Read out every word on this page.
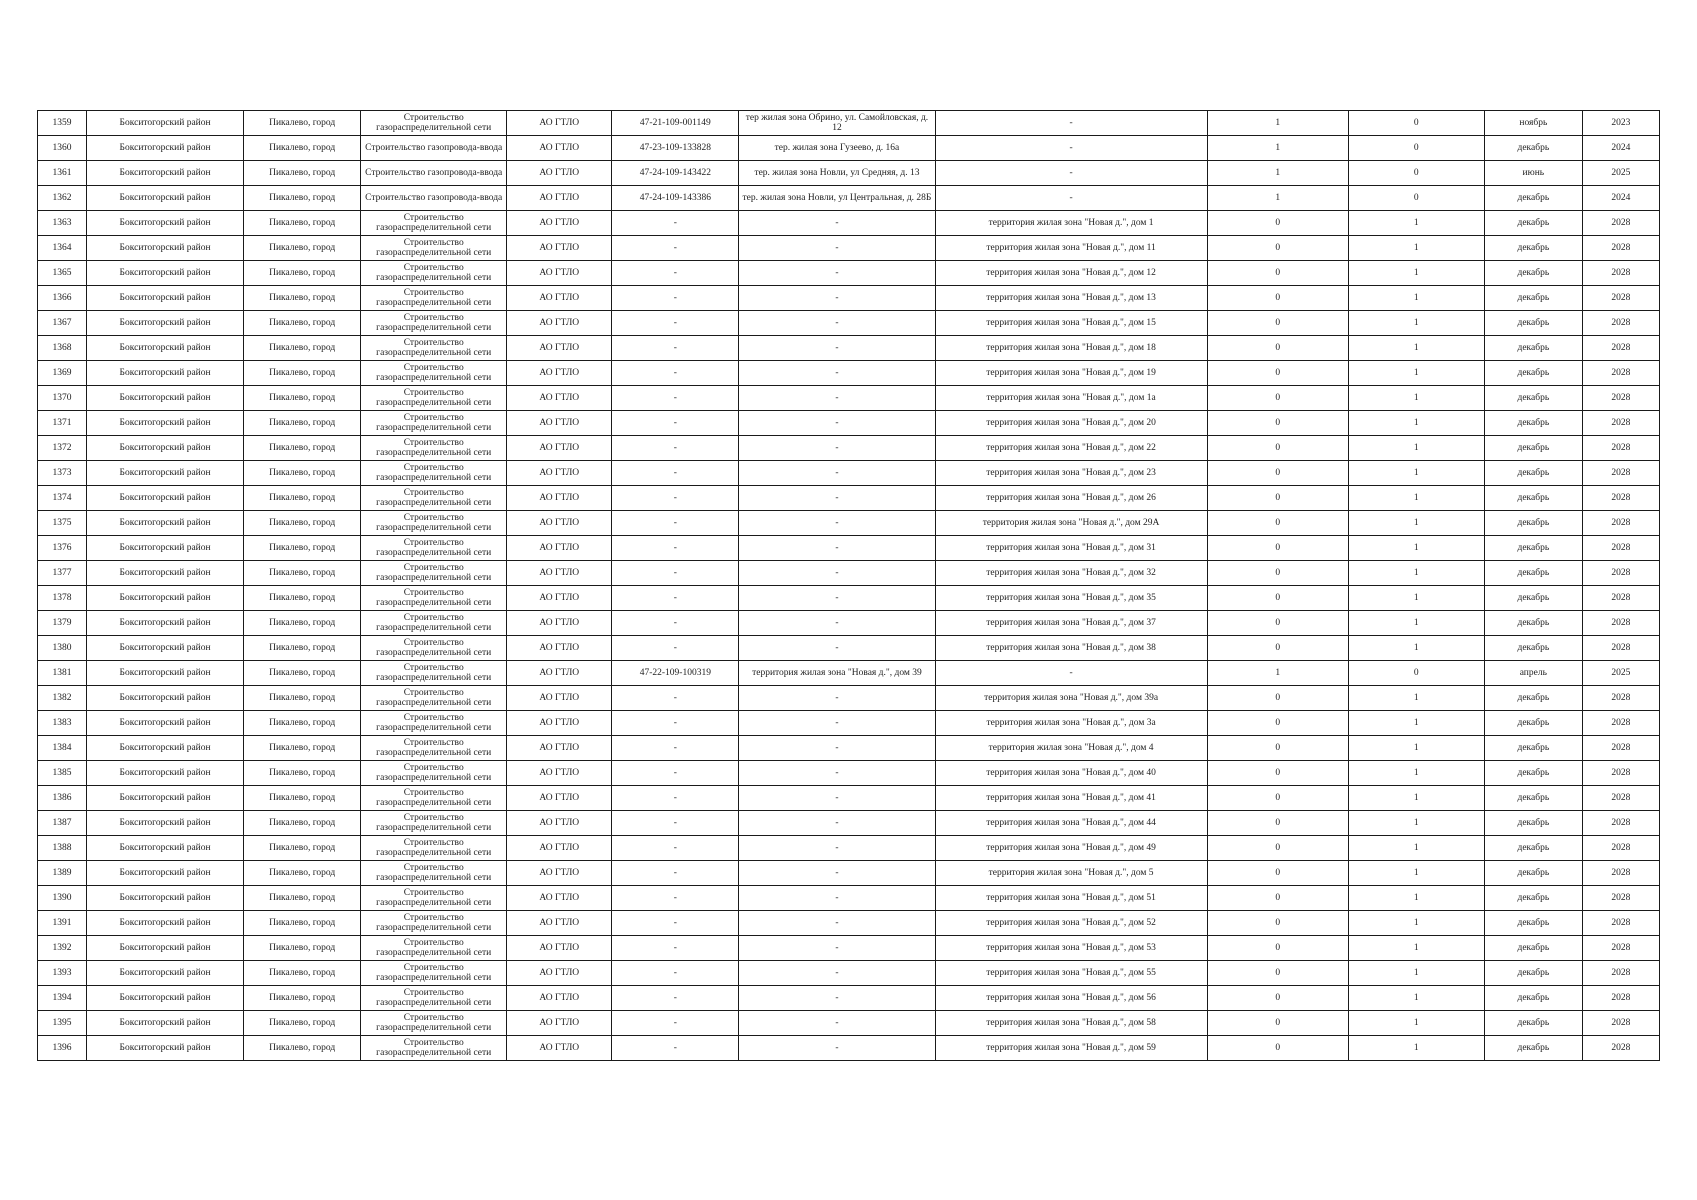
1359	Бокситогорский район	Пикалево, город	Строительство газораспределительной сети	АО ГТЛО	47-21-109-001149	тер жилая зона Обрино, ул. Самойловская, д. 12	-	1	0	ноябрь	2023
1360	Бокситогорский район	Пикалево, город	Строительство газопровода-ввода	АО ГТЛО	47-23-109-133828	тер. жилая зона Гузеево, д. 16а	-	1	0	декабрь	2024
1361	Бокситогорский район	Пикалево, город	Строительство газопровода-ввода	АО ГТЛО	47-24-109-143422	тер. жилая зона Новли, ул Средняя, д. 13	-	1	0	июнь	2025
1362	Бокситогорский район	Пикалево, город	Строительство газопровода-ввода	АО ГТЛО	47-24-109-143386	тер. жилая зона Новли, ул Центральная, д. 28Б	-	1	0	декабрь	2024
1363	Бокситогорский район	Пикалево, город	Строительство газораспределительной сети	АО ГТЛО	-	-	территория жилая зона "Новая д.", дом 1	0	1	декабрь	2028
1364	Бокситогорский район	Пикалево, город	Строительство газораспределительной сети	АО ГТЛО	-	-	территория жилая зона "Новая д.", дом 11	0	1	декабрь	2028
1365	Бокситогорский район	Пикалево, город	Строительство газораспределительной сети	АО ГТЛО	-	-	территория жилая зона "Новая д.", дом 12	0	1	декабрь	2028
1366	Бокситогорский район	Пикалево, город	Строительство газораспределительной сети	АО ГТЛО	-	-	территория жилая зона "Новая д.", дом 13	0	1	декабрь	2028
1367	Бокситогорский район	Пикалево, город	Строительство газораспределительной сети	АО ГТЛО	-	-	территория жилая зона "Новая д.", дом 15	0	1	декабрь	2028
1368	Бокситогорский район	Пикалево, город	Строительство газораспределительной сети	АО ГТЛО	-	-	территория жилая зона "Новая д.", дом 18	0	1	декабрь	2028
1369	Бокситогорский район	Пикалево, город	Строительство газораспределительной сети	АО ГТЛО	-	-	территория жилая зона "Новая д.", дом 19	0	1	декабрь	2028
1370	Бокситогорский район	Пикалево, город	Строительство газораспределительной сети	АО ГТЛО	-	-	территория жилая зона "Новая д.", дом 1а	0	1	декабрь	2028
1371	Бокситогорский район	Пикалево, город	Строительство газораспределительной сети	АО ГТЛО	-	-	территория жилая зона "Новая д.", дом 20	0	1	декабрь	2028
1372	Бокситогорский район	Пикалево, город	Строительство газораспределительной сети	АО ГТЛО	-	-	территория жилая зона "Новая д.", дом 22	0	1	декабрь	2028
1373	Бокситогорский район	Пикалево, город	Строительство газораспределительной сети	АО ГТЛО	-	-	территория жилая зона "Новая д.", дом 23	0	1	декабрь	2028
1374	Бокситогорский район	Пикалево, город	Строительство газораспределительной сети	АО ГТЛО	-	-	территория жилая зона "Новая д.", дом 26	0	1	декабрь	2028
1375	Бокситогорский район	Пикалево, город	Строительство газораспределительной сети	АО ГТЛО	-	-	территория жилая зона "Новая д.", дом 29А	0	1	декабрь	2028
1376	Бокситогорский район	Пикалево, город	Строительство газораспределительной сети	АО ГТЛО	-	-	территория жилая зона "Новая д.", дом 31	0	1	декабрь	2028
1377	Бокситогорский район	Пикалево, город	Строительство газораспределительной сети	АО ГТЛО	-	-	территория жилая зона "Новая д.", дом 32	0	1	декабрь	2028
1378	Бокситогорский район	Пикалево, город	Строительство газораспределительной сети	АО ГТЛО	-	-	территория жилая зона "Новая д.", дом 35	0	1	декабрь	2028
1379	Бокситогорский район	Пикалево, город	Строительство газораспределительной сети	АО ГТЛО	-	-	территория жилая зона "Новая д.", дом 37	0	1	декабрь	2028
1380	Бокситогорский район	Пикалево, город	Строительство газораспределительной сети	АО ГТЛО	-	-	территория жилая зона "Новая д.", дом 38	0	1	декабрь	2028
1381	Бокситогорский район	Пикалево, город	Строительство газораспределительной сети	АО ГТЛО	47-22-109-100319	территория жилая зона "Новая д.", дом 39	-	1	0	апрель	2025
1382	Бокситогорский район	Пикалево, город	Строительство газораспределительной сети	АО ГТЛО	-	-	территория жилая зона "Новая д.", дом 39а	0	1	декабрь	2028
1383	Бокситогорский район	Пикалево, город	Строительство газораспределительной сети	АО ГТЛО	-	-	территория жилая зона "Новая д.", дом 3а	0	1	декабрь	2028
1384	Бокситогорский район	Пикалево, город	Строительство газораспределительной сети	АО ГТЛО	-	-	территория жилая зона "Новая д.", дом 4	0	1	декабрь	2028
1385	Бокситогорский район	Пикалево, город	Строительство газораспределительной сети	АО ГТЛО	-	-	территория жилая зона "Новая д.", дом 40	0	1	декабрь	2028
1386	Бокситогорский район	Пикалево, город	Строительство газораспределительной сети	АО ГТЛО	-	-	территория жилая зона "Новая д.", дом 41	0	1	декабрь	2028
1387	Бокситогорский район	Пикалево, город	Строительство газораспределительной сети	АО ГТЛО	-	-	территория жилая зона "Новая д.", дом 44	0	1	декабрь	2028
1388	Бокситогорский район	Пикалево, город	Строительство газораспределительной сети	АО ГТЛО	-	-	территория жилая зона "Новая д.", дом 49	0	1	декабрь	2028
1389	Бокситогорский район	Пикалево, город	Строительство газораспределительной сети	АО ГТЛО	-	-	территория жилая зона "Новая д.", дом 5	0	1	декабрь	2028
1390	Бокситогорский район	Пикалево, город	Строительство газораспределительной сети	АО ГТЛО	-	-	территория жилая зона "Новая д.", дом 51	0	1	декабрь	2028
1391	Бокситогорский район	Пикалево, город	Строительство газораспределительной сети	АО ГТЛО	-	-	территория жилая зона "Новая д.", дом 52	0	1	декабрь	2028
1392	Бокситогорский район	Пикалево, город	Строительство газораспределительной сети	АО ГТЛО	-	-	территория жилая зона "Новая д.", дом 53	0	1	декабрь	2028
1393	Бокситогорский район	Пикалево, город	Строительство газораспределительной сети	АО ГТЛО	-	-	территория жилая зона "Новая д.", дом 55	0	1	декабрь	2028
1394	Бокситогорский район	Пикалево, город	Строительство газораспределительной сети	АО ГТЛО	-	-	территория жилая зона "Новая д.", дом 56	0	1	декабрь	2028
1395	Бокситогорский район	Пикалево, город	Строительство газораспределительной сети	АО ГТЛО	-	-	территория жилая зона "Новая д.", дом 58	0	1	декабрь	2028
1396	Бокситогорский район	Пикалево, город	Строительство газораспределительной сети	АО ГТЛО	-	-	территория жилая зона "Новая д.", дом 59	0	1	декабрь	2028
